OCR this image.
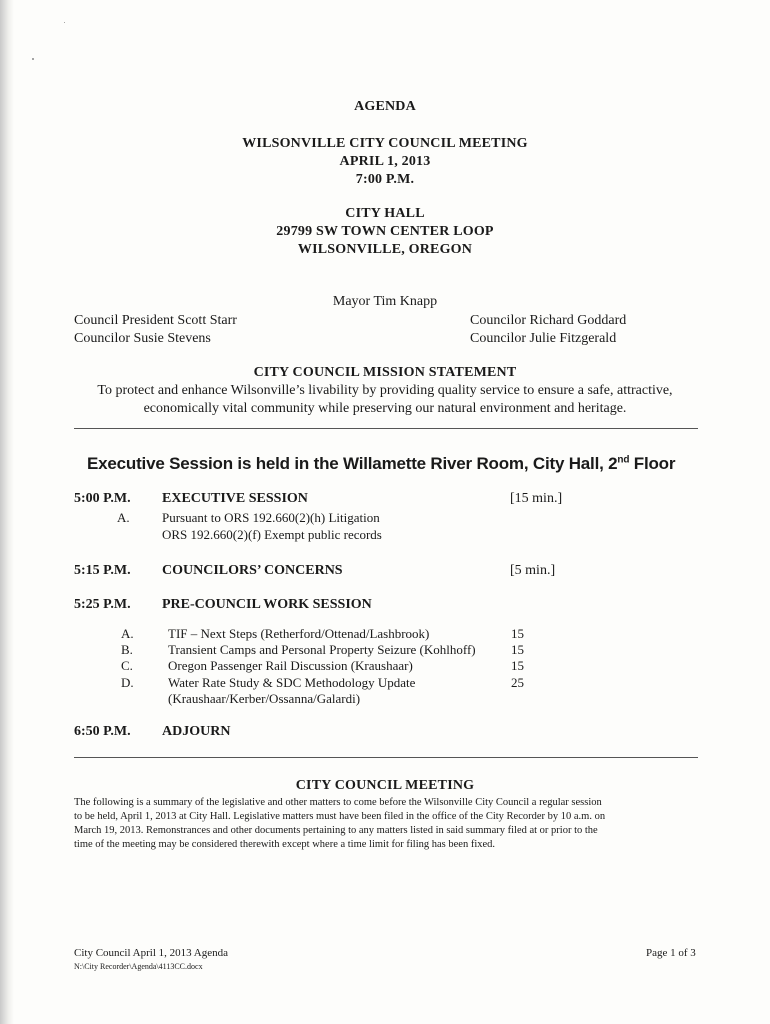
AGENDA
WILSONVILLE CITY COUNCIL MEETING
APRIL 1, 2013
7:00 P.M.
CITY HALL
29799 SW TOWN CENTER LOOP
WILSONVILLE, OREGON
Mayor Tim Knapp
Council President Scott Starr
Councilor Susie Stevens
Councilor Richard Goddard
Councilor Julie Fitzgerald
CITY COUNCIL MISSION STATEMENT
To protect and enhance Wilsonville’s livability by providing quality service to ensure a safe, attractive,
economically vital community while preserving our natural environment and heritage.
Executive Session is held in the Willamette River Room, City Hall, 2nd Floor
5:00 P.M. EXECUTIVE SESSION	[15 min.]
A. Pursuant to ORS 192.660(2)(h) Litigation
ORS 192.660(2)(f) Exempt public records
5:15 P.M. COUNCILORS’ CONCERNS	[5 min.]
5:25 P.M. PRE-COUNCIL WORK SESSION
A.	TIF – Next Steps (Retherford/Ottenad/Lashbrook)	15
B.	Transient Camps and Personal Property Seizure (Kohlhoff)	15
C.	Oregon Passenger Rail Discussion (Kraushaar)	15
D.	Water Rate Study & SDC Methodology Update	25
(Kraushaar/Kerber/Ossanna/Galardi)
6:50 P.M. ADJOURN
CITY COUNCIL MEETING

The following is a summary of the legislative and other matters to come before the Wilsonville City Council a regular session

to be held, April 1, 2013 at City Hall. Legislative matters must have been filed in the office of the City Recorder by 10 a.m. on

March 19, 2013. Remonstrances and other documents pertaining to any matters listed in said summary filed at or prior to the

time of the meeting may be considered therewith except where a time limit for filing has been fixed.

City Council April 1, 2013 Agenda
N:\City Recorder\Agenda\4113CC.docx
Page 1 of 3
